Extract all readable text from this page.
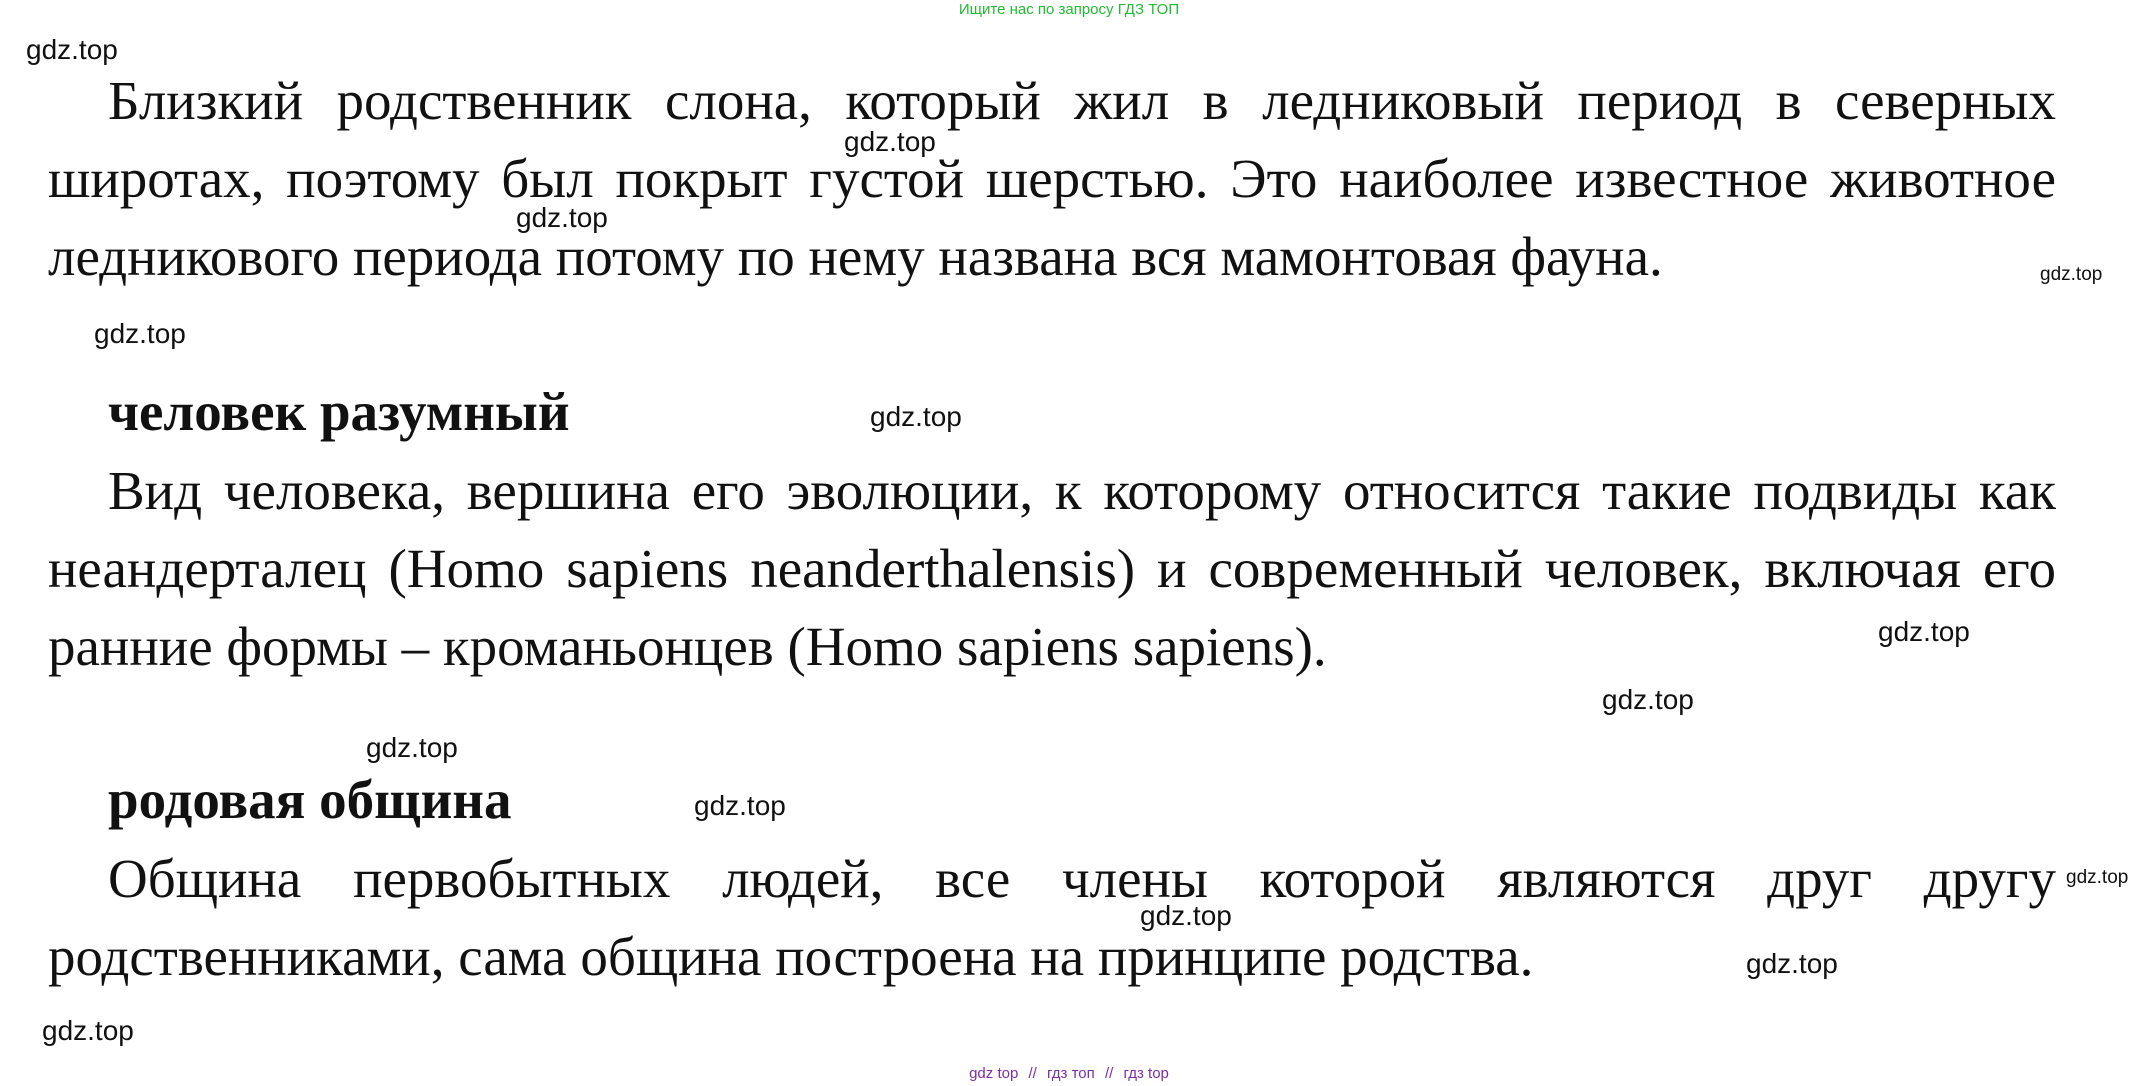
Ищите нас по запросу ГДЗ ТОП
gdz.top

Близкий родственник слона, который жил в ледниковый период в северных широтах, поэтому был покрыт густой шерстью. Это наиболее известное животное ледникового периода потому по нему названа вся мамонтовая фауна.

gdz.top
gdz.top
gdz.top
gdz.top
человек разумный	gdz.top

Вид человека, вершина его эволюции, к которому относится такие подвиды как неандерталец (Homo sapiens neanderthalensis) и современный человек, включая его ранние формы – кроманьонцев (Homo sapiens sapiens).	gdz.top
gdz.top
gdz.top
родовая община	gdz.top

Община первобытных людей, все члены которой являются друг другу родственниками, сама община построена на принципе родства.

gdz.top
gdz.top
gdz.top
gdz.top
gdz top // гдз топ // гдз top
